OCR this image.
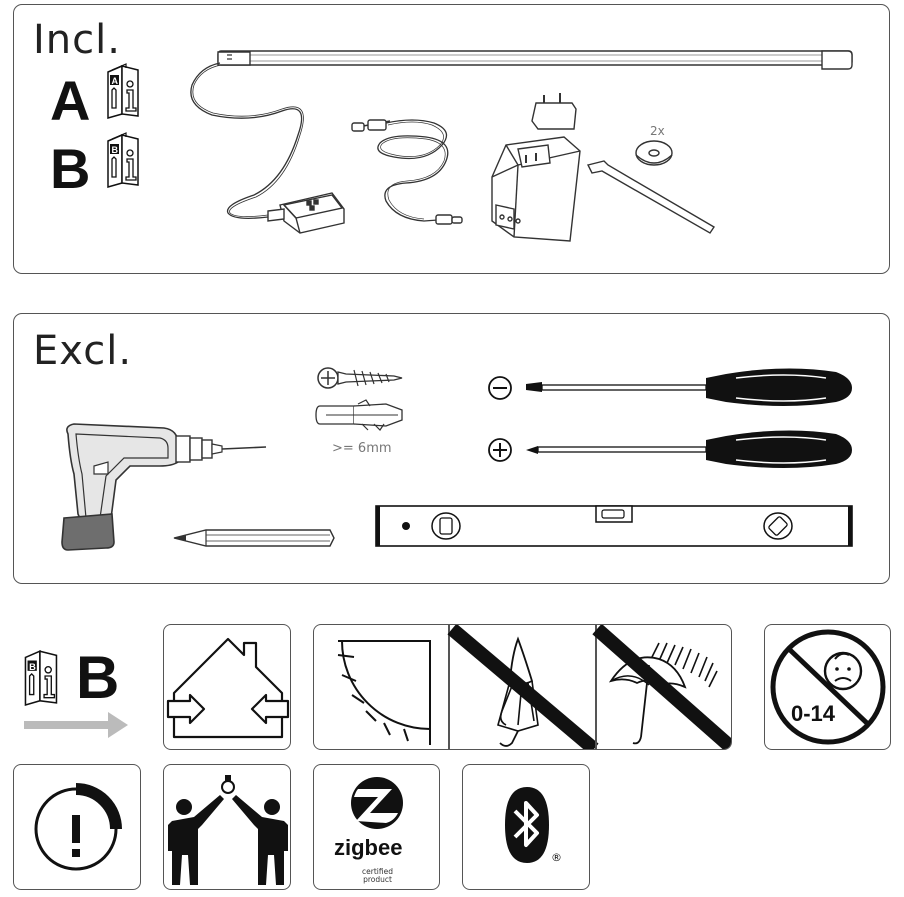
Incl.
A A
B B
2x
Excl.
>= 6mm
B B
0-14
zigbee
certified
product
®
